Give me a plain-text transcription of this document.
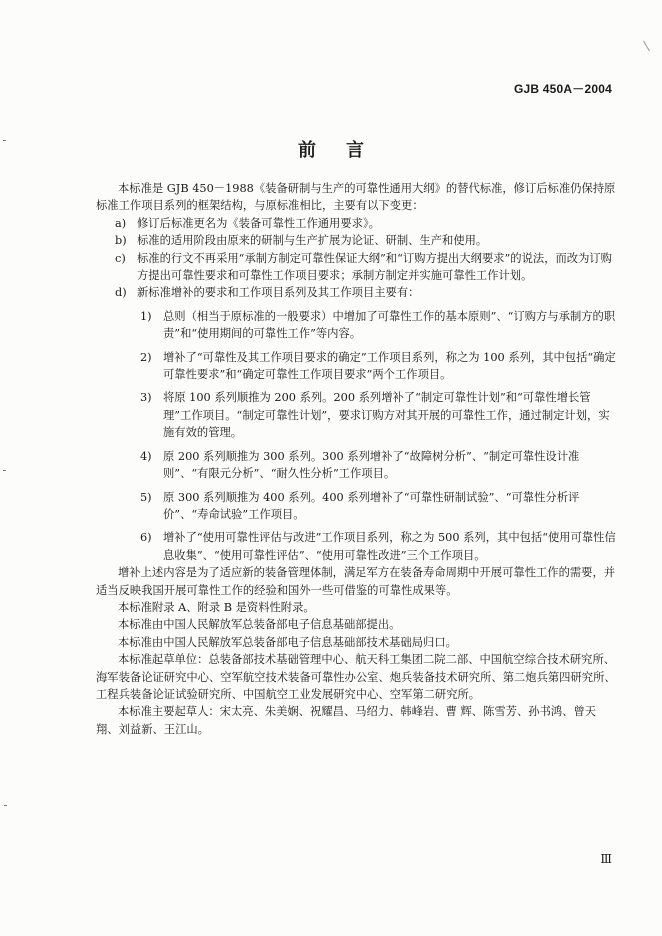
GJB 450A－2004
前言

本标准是 GJB 450－1988《装备研制与生产的可靠性通用大纲》的替代标准，修订后标准仍保持原标准工作项目系列的框架结构，与原标准相比，主要有以下变更：

a) 修订后标准更名为《装备可靠性工作通用要求》。
b) 标准的适用阶段由原来的研制与生产扩展为论证、研制、生产和使用。
c) 标准的行文不再采用“承制方制定可靠性保证大纲”和“订购方提出大纲要求”的说法，而改为订购方提出可靠性要求和可靠性工作项目要求；承制方制定并实施可靠性工作计划。
d) 新标准增补的要求和工作项目系列及其工作项目主要有：
1) 总则（相当于原标准的一般要求）中增加了可靠性工作的基本原则”、“订购方与承制方的职责”和“使用期间的可靠性工作”等内容。
2) 增补了“可靠性及其工作项目要求的确定”工作项目系列，称之为 100 系列，其中包括“确定可靠性要求”和“确定可靠性工作项目要求”两个工作项目。
3) 将原 100 系列顺推为 200 系列。200 系列增补了“制定可靠性计划”和“可靠性增长管理”工作项目。“制定可靠性计划”，要求订购方对其开展的可靠性工作，通过制定计划，实施有效的管理。
4) 原 200 系列顺推为 300 系列。300 系列增补了“故障树分析”、“制定可靠性设计准则”、“有限元分析”、“耐久性分析”工作项目。
5) 原 300 系列顺推为 400 系列。400 系列增补了“可靠性研制试验”、“可靠性分析评价”、“寿命试验”工作项目。
6) 增补了“使用可靠性评估与改进”工作项目系列，称之为 500 系列，其中包括“使用可靠性信息收集”、“使用可靠性评估”、“使用可靠性改进”三个工作项目。

增补上述内容是为了适应新的装备管理体制，满足军方在装备寿命周期中开展可靠性工作的需要，并适当反映我国开展可靠性工作的经验和国外一些可借鉴的可靠性成果等。

本标准附录 A、附录 B 是资料性附录。

本标准由中国人民解放军总装备部电子信息基础部提出。

本标准由中国人民解放军总装备部电子信息基础部技术基础局归口。

本标准起草单位：总装备部技术基础管理中心、航天科工集团二院二部、中国航空综合技术研究所、海军装备论证研究中心、空军航空技术装备可靠性办公室、炮兵装备技术研究所、第二炮兵第四研究所、工程兵装备论证试验研究所、中国航空工业发展研究中心、空军第二研究所。

本标准主要起草人：宋太亮、朱美娴、祝耀昌、马绍力、韩峰岩、曹 辉、陈雪芳、孙书鸿、曾天翔、刘益新、王江山。

Ⅲ
